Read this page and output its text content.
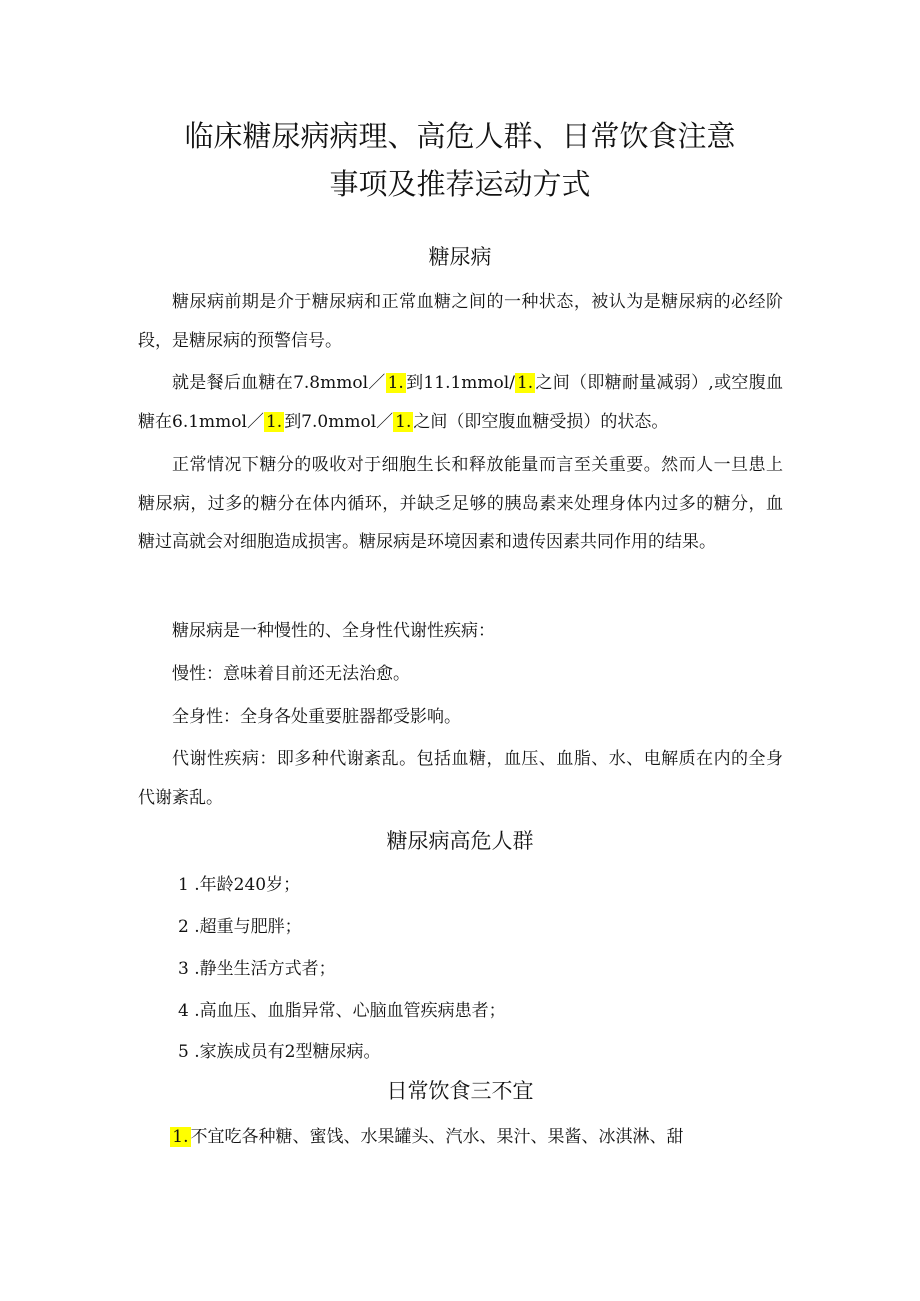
临床糖尿病病理、高危人群、日常饮食注意
事项及推荐运动方式
糖尿病
糖尿病前期是介于糖尿病和正常血糖之间的一种状态，被认为是糖尿病的必经阶段，是糖尿病的预警信号。
就是餐后血糖在7.8mmol／ 1. 到11.1mmol/ 1. 之间（即糖耐量减弱）,或空腹血糖在6.1mmol／ 1. 到7.0mmol／ 1. 之间（即空腹血糖受损）的状态。
正常情况下糖分的吸收对于细胞生长和释放能量而言至关重要。然而人一旦患上糖尿病，过多的糖分在体内循环，并缺乏足够的胰岛素来处理身体内过多的糖分，血糖过高就会对细胞造成损害。糖尿病是环境因素和遗传因素共同作用的结果。
糖尿病是一种慢性的、全身性代谢性疾病：
慢性：意味着目前还无法治愈。
全身性：全身各处重要脏器都受影响。
代谢性疾病：即多种代谢紊乱。包括血糖，血压、血脂、水、电解质在内的全身代谢紊乱。
糖尿病高危人群
1 .年龄240岁；
2 .超重与肥胖；
3 .静坐生活方式者；
4 .高血压、血脂异常、心脑血管疾病患者；
5 .家族成员有2型糖尿病。
日常饮食三不宜
1. 不宜吃各种糖、蜜饯、水果罐头、汽水、果汁、果酱、冰淇淋、甜
